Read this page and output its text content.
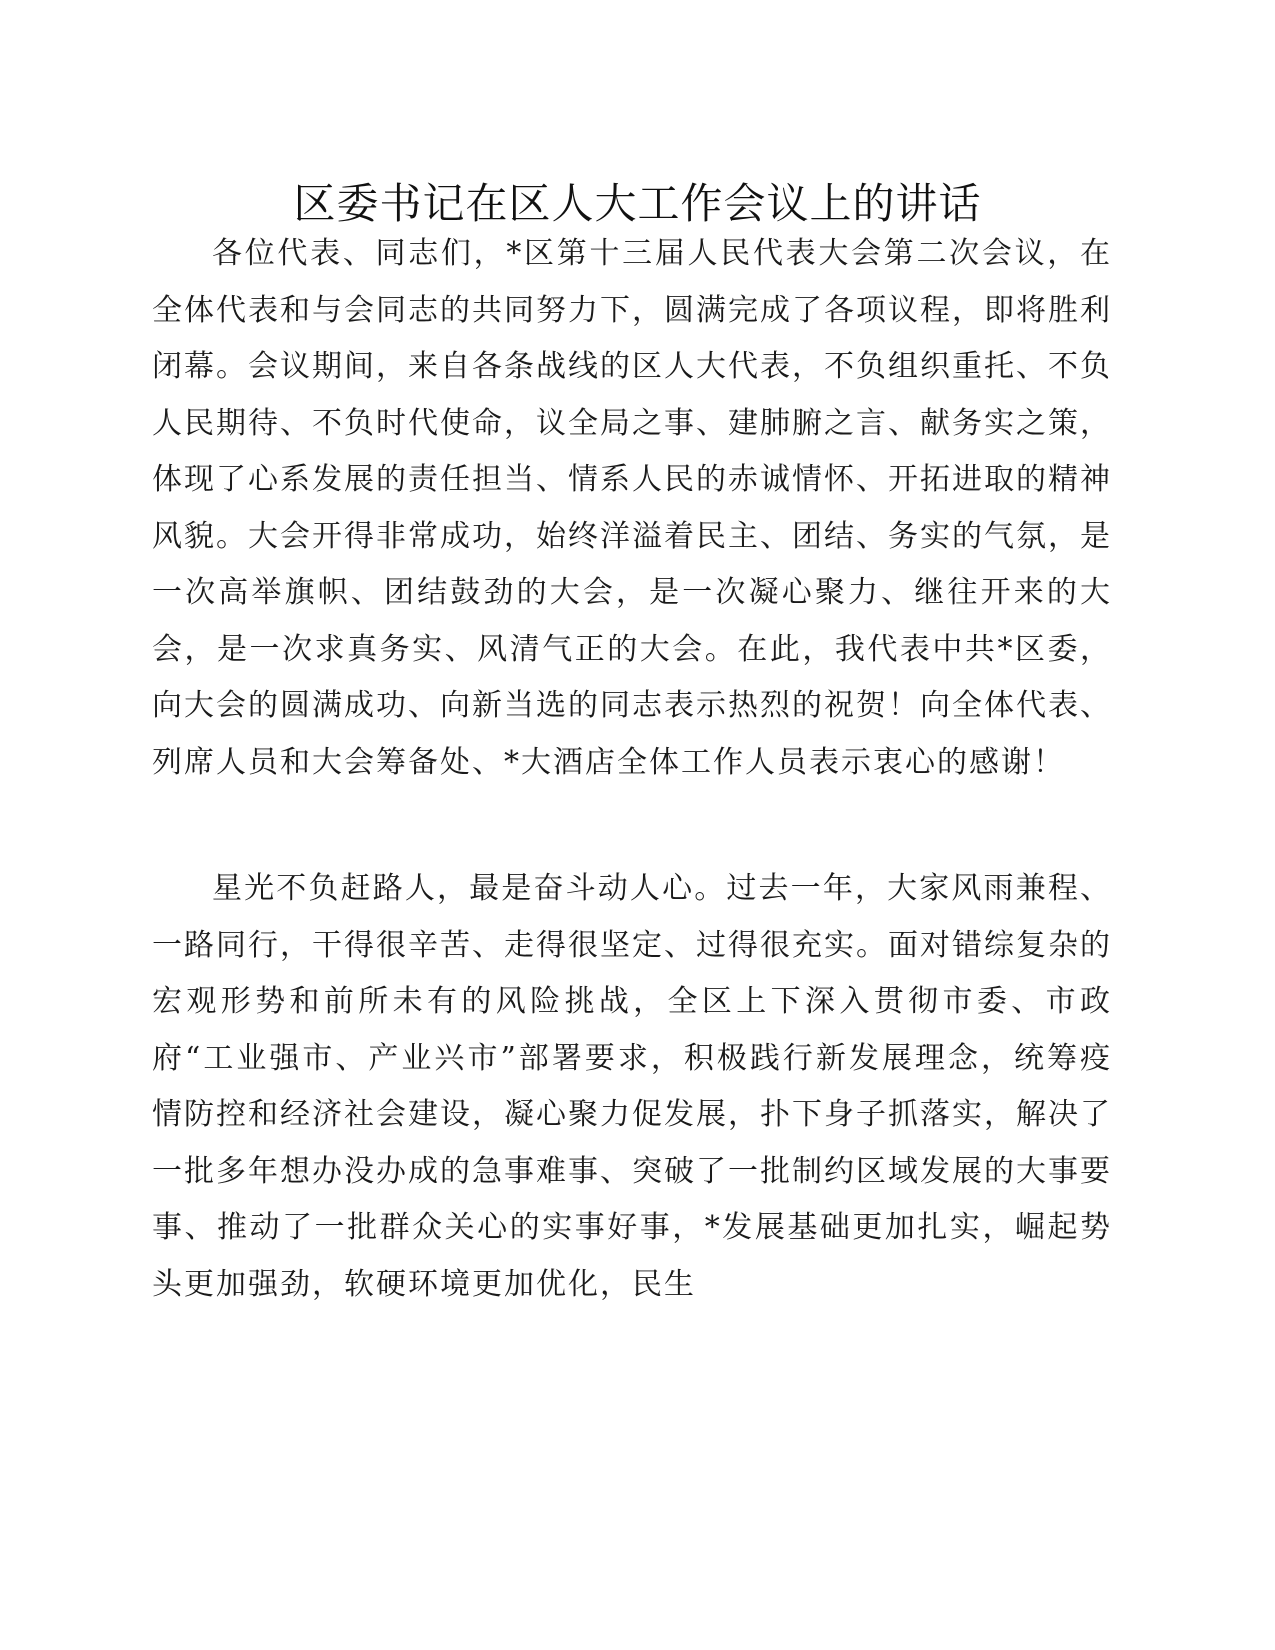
区委书记在区人大工作会议上的讲话

各位代表、同志们，*区第十三届人民代表大会第二次会议，在全体代表和与会同志的共同努力下，圆满完成了各项议程，即将胜利闭幕。会议期间，来自各条战线的区人大代表，不负组织重托、不负人民期待、不负时代使命，议全局之事、建肺腑之言、献务实之策，体现了心系发展的责任担当、情系人民的赤诚情怀、开拓进取的精神风貌。大会开得非常成功，始终洋溢着民主、团结、务实的气氛，是一次高举旗帜、团结鼓劲的大会，是一次凝心聚力、继往开来的大会，是一次求真务实、风清气正的大会。在此，我代表中共*区委，向大会的圆满成功、向新当选的同志表示热烈的祝贺！向全体代表、列席人员和大会筹备处、*大酒店全体工作人员表示衷心的感谢！

星光不负赶路人，最是奋斗动人心。过去一年，大家风雨兼程、一路同行，干得很辛苦、走得很坚定、过得很充实。面对错综复杂的宏观形势和前所未有的风险挑战，全区上下深入贯彻市委、市政府“工业强市、产业兴市”部署要求，积极践行新发展理念，统筹疫情防控和经济社会建设，凝心聚力促发展，扑下身子抓落实，解决了一批多年想办没办成的急事难事、突破了一批制约区域发展的大事要事、推动了一批群众关心的实事好事，*发展基础更加扎实，崛起势头更加强劲，软硬环境更加优化，民生
